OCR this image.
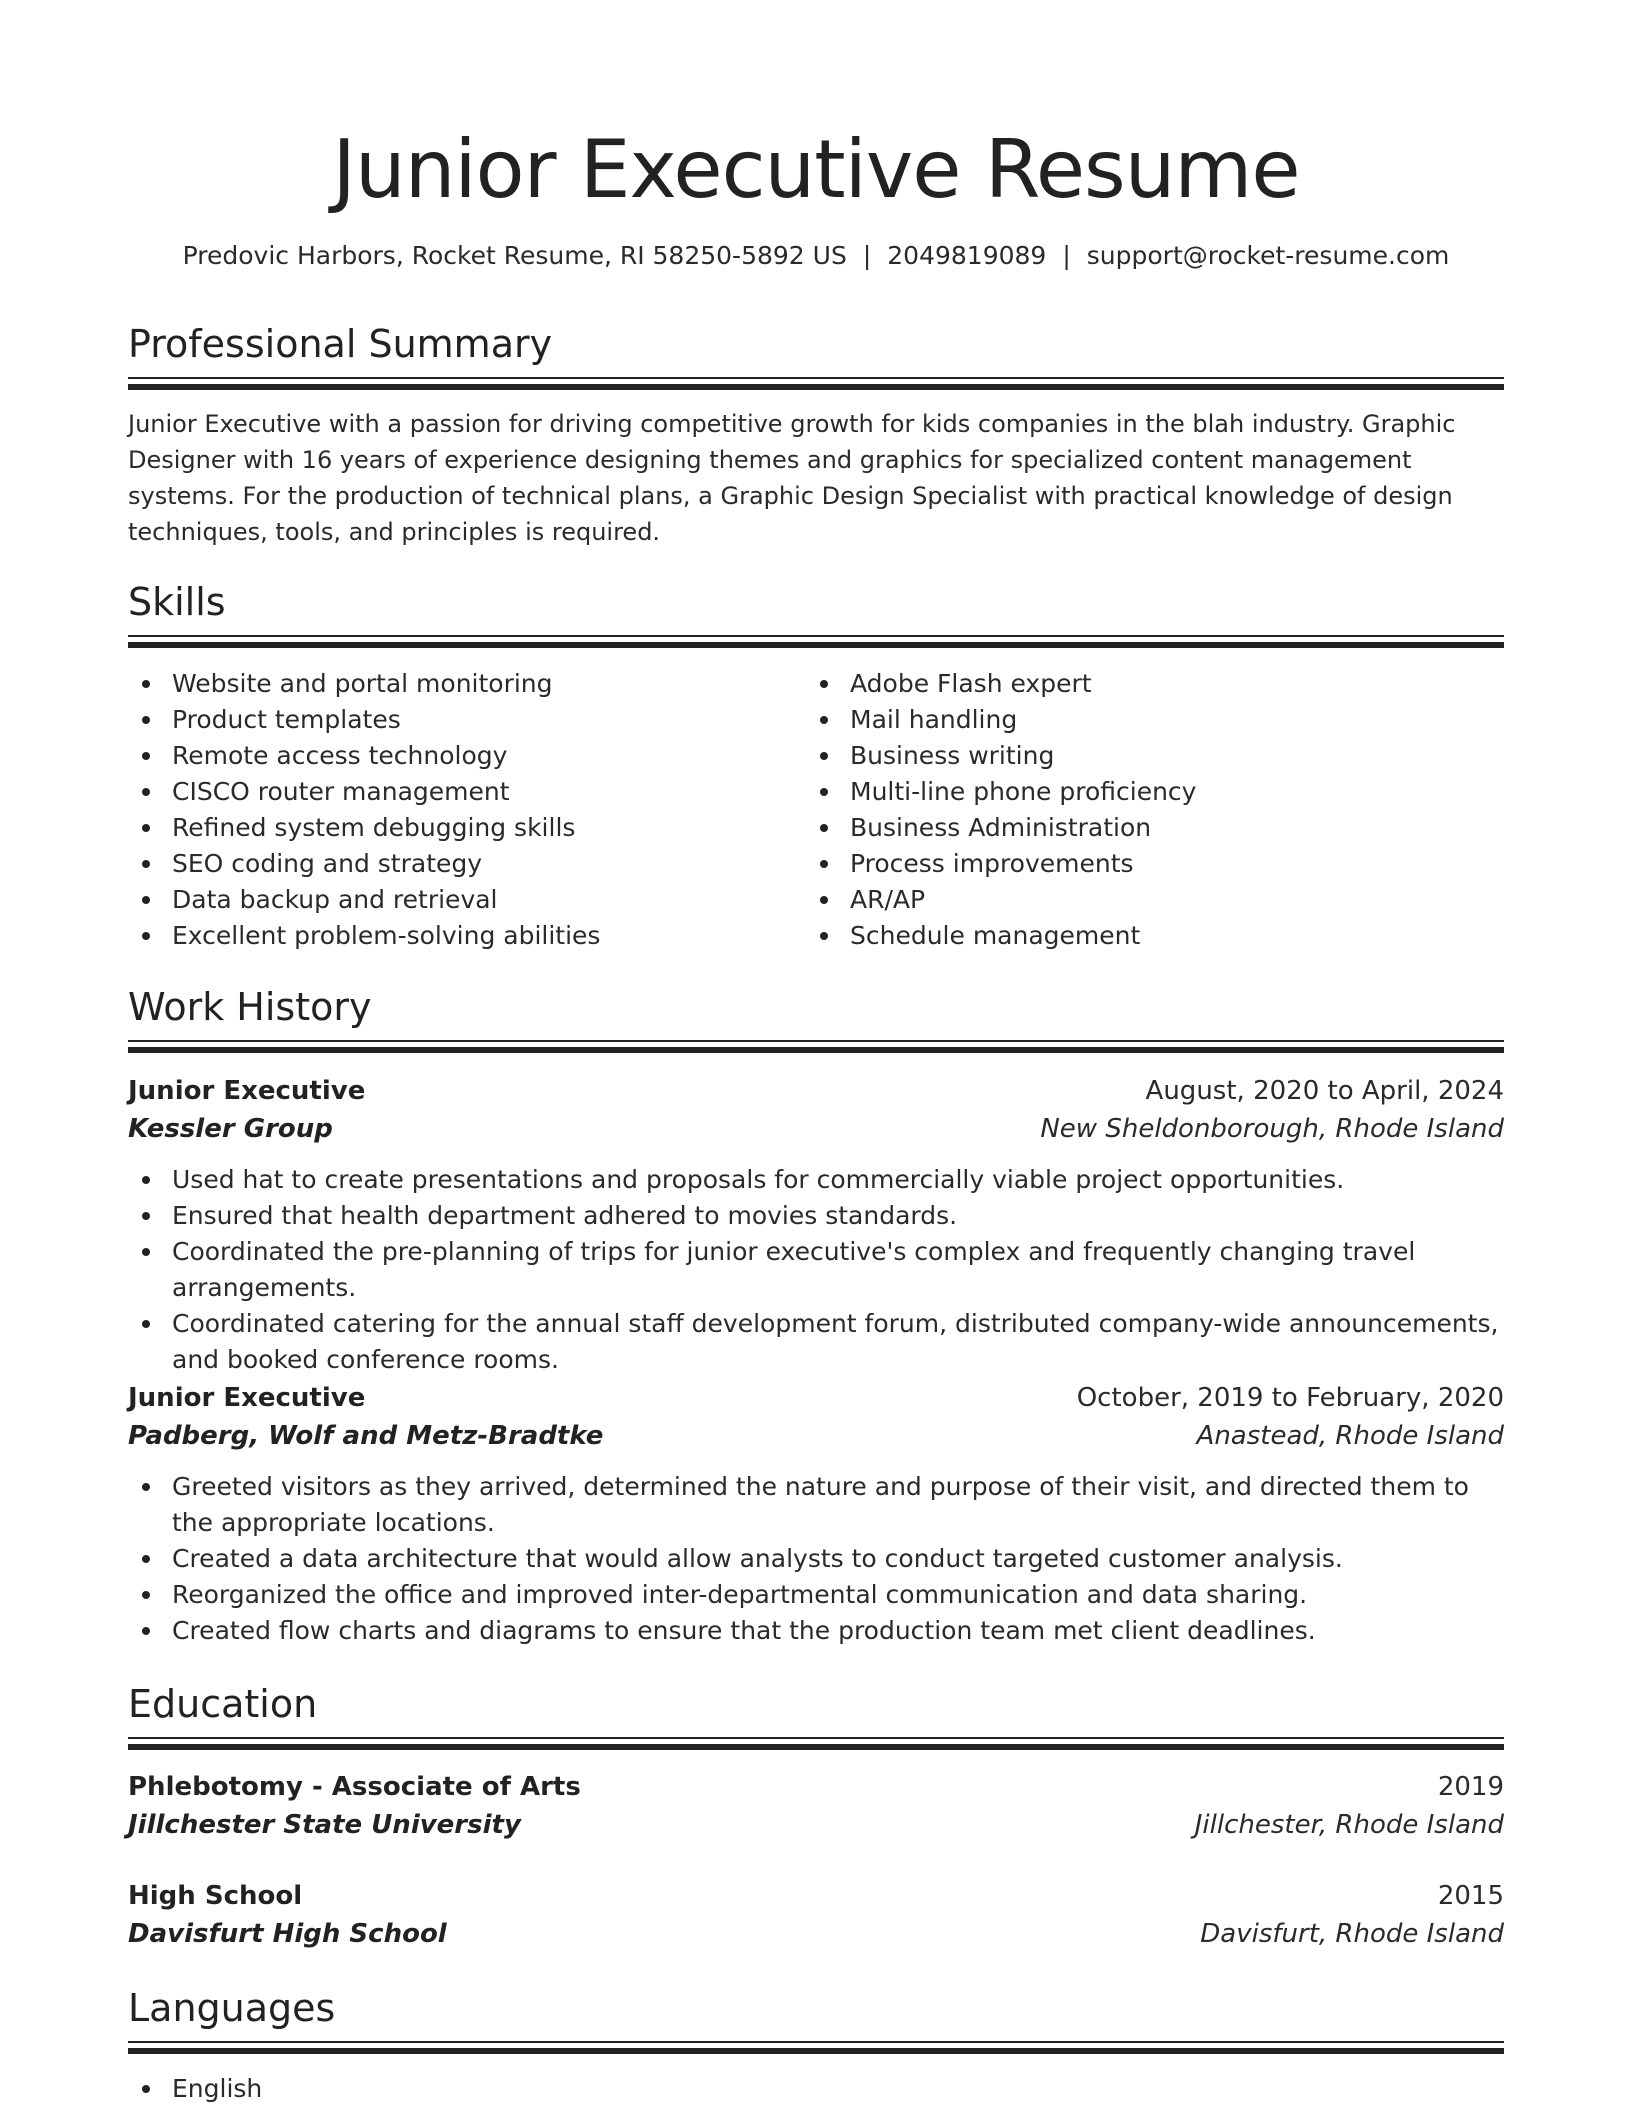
Junior Executive Resume
Predovic Harbors, Rocket Resume, RI 58250-5892 US | 2049819089 | support@rocket-resume.com
Professional Summary

Junior Executive with a passion for driving competitive growth for kids companies in the blah industry. Graphic Designer with 16 years of experience designing themes and graphics for specialized content management systems. For the production of technical plans, a Graphic Design Specialist with practical knowledge of design techniques, tools, and principles is required.

Skills
Website and portal monitoring
Product templates
Remote access technology
CISCO router management
Refined system debugging skills
SEO coding and strategy
Data backup and retrieval
Excellent problem-solving abilities
Adobe Flash expert
Mail handling
Business writing
Multi-line phone proficiency
Business Administration
Process improvements
AR/AP
Schedule management
Work History
Junior Executive	August, 2020 to April, 2024
Kessler Group	New Sheldonborough, Rhode Island
Used hat to create presentations and proposals for commercially viable project opportunities.
Ensured that health department adhered to movies standards.
Coordinated the pre-planning of trips for junior executive's complex and frequently changing travel arrangements.
Coordinated catering for the annual staff development forum, distributed company-wide announcements, and booked conference rooms.
Junior Executive	October, 2019 to February, 2020
Padberg, Wolf and Metz-Bradtke	Anastead, Rhode Island
Greeted visitors as they arrived, determined the nature and purpose of their visit, and directed them to the appropriate locations.
Created a data architecture that would allow analysts to conduct targeted customer analysis.
Reorganized the office and improved inter-departmental communication and data sharing.
Created flow charts and diagrams to ensure that the production team met client deadlines.
Education
Phlebotomy - Associate of Arts	2019
Jillchester State University	Jillchester, Rhode Island
High School	2015
Davisfurt High School	Davisfurt, Rhode Island
Languages
English
